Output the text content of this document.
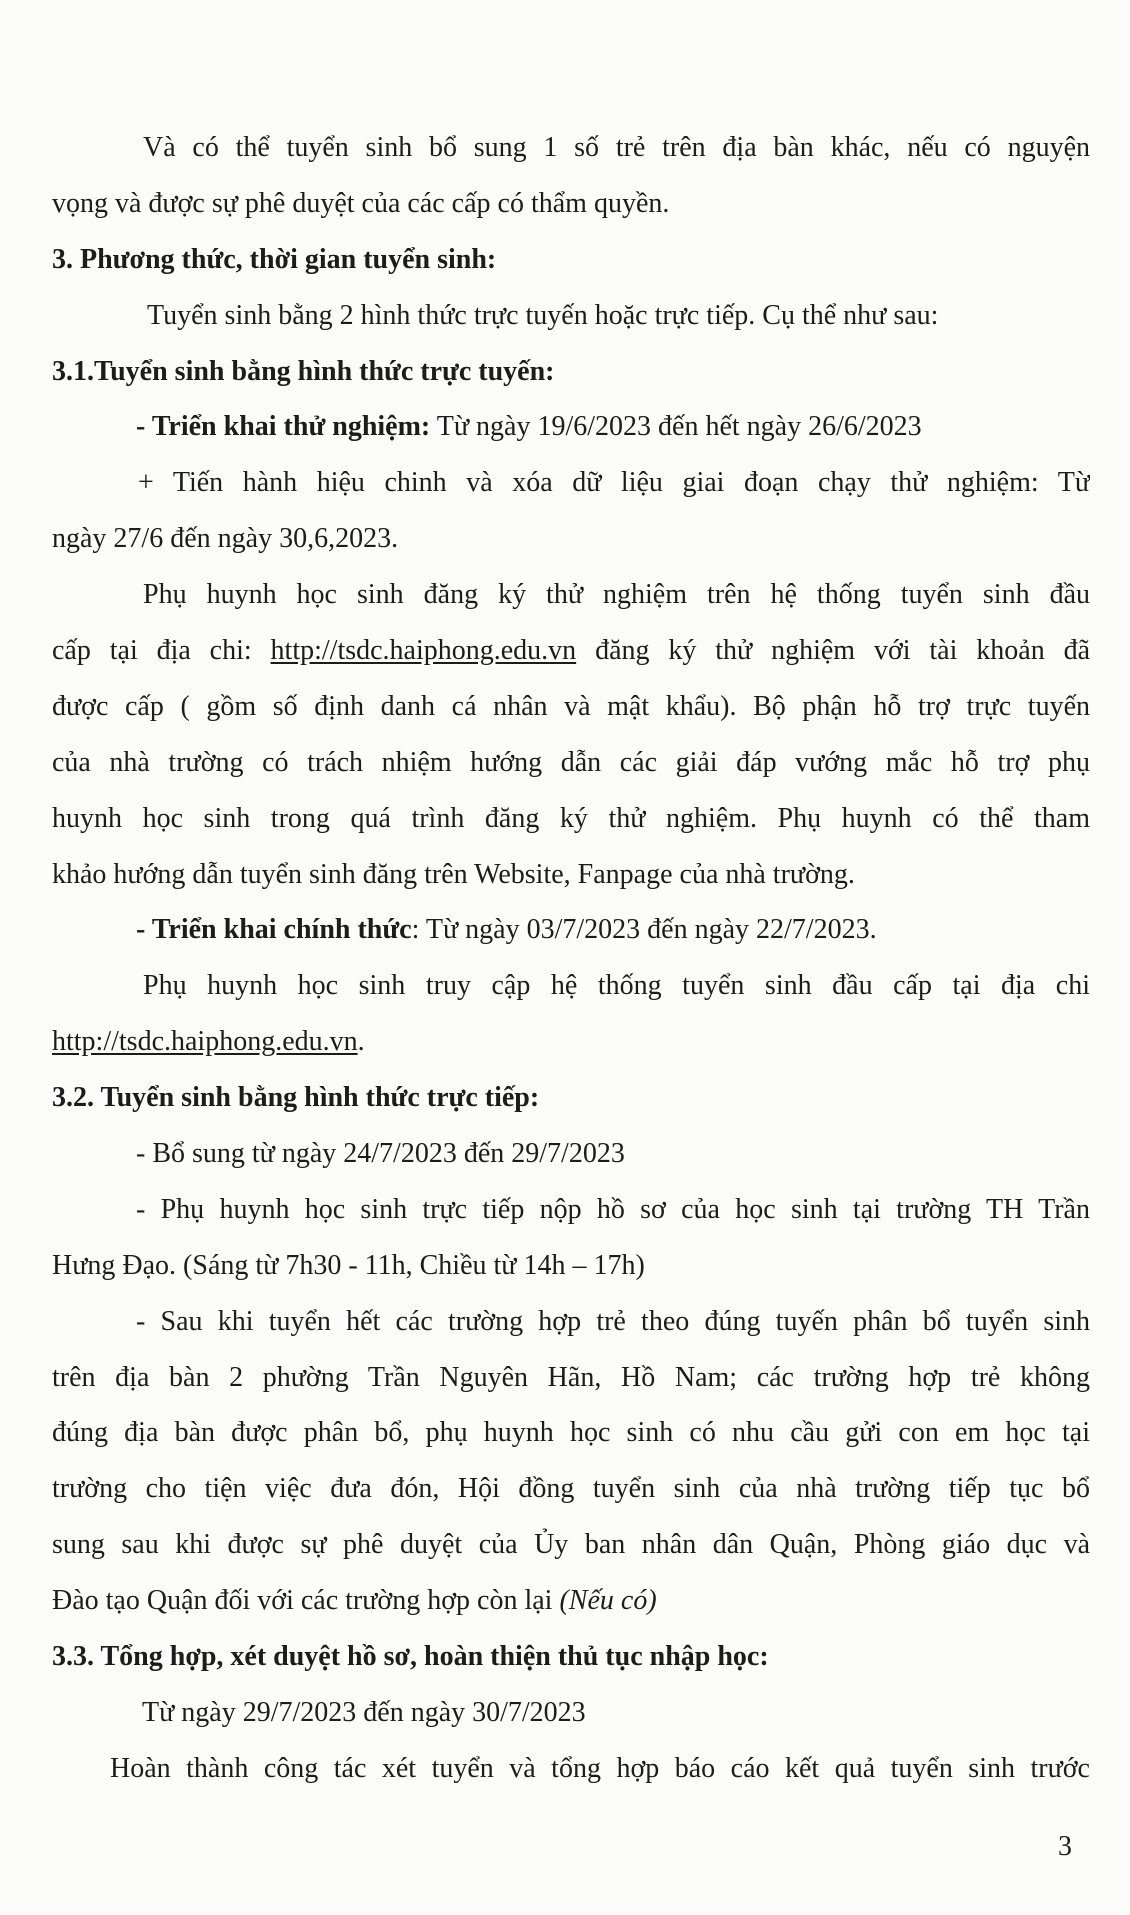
Và có thể tuyển sinh bổ sung 1 số trẻ trên địa bàn khác, nếu có nguyện
vọng và được sự phê duyệt của các cấp có thẩm quyền.
3. Phương thức, thời gian tuyển sinh:
Tuyển sinh bằng 2 hình thức trực tuyến hoặc trực tiếp. Cụ thể như sau:
3.1.Tuyển sinh bằng hình thức trực tuyến:
- Triển khai thử nghiệm: Từ ngày 19/6/2023 đến hết ngày 26/6/2023
+ Tiến hành hiệu chinh và xóa dữ liệu giai đoạn chạy thử nghiệm: Từ
ngày 27/6 đến ngày 30,6,2023.
Phụ huynh học sinh đăng ký thử nghiệm trên hệ thống tuyển sinh đầu
cấp tại địa chi: http://tsdc.haiphong.edu.vn đăng ký thử nghiệm với tài khoản đã
được cấp ( gồm số định danh cá nhân và mật khẩu). Bộ phận hỗ trợ trực tuyến
của nhà trường có trách nhiệm hướng dẫn các giải đáp vướng mắc hỗ trợ phụ
huynh học sinh trong quá trình đăng ký thử nghiệm. Phụ huynh có thể tham
khảo hướng dẫn tuyển sinh đăng trên Website, Fanpage của nhà trường.
- Triển khai chính thức: Từ ngày 03/7/2023 đến ngày 22/7/2023.
Phụ huynh học sinh truy cập hệ thống tuyển sinh đầu cấp tại địa chi
http://tsdc.haiphong.edu.vn.
3.2. Tuyển sinh bằng hình thức trực tiếp:
- Bổ sung từ ngày 24/7/2023 đến 29/7/2023
- Phụ huynh học sinh trực tiếp nộp hồ sơ của học sinh tại trường TH Trần
Hưng Đạo. (Sáng từ 7h30 - 11h, Chiều từ 14h – 17h)
- Sau khi tuyển hết các trường hợp trẻ theo đúng tuyến phân bổ tuyển sinh
trên địa bàn 2 phường Trần Nguyên Hãn, Hồ Nam; các trường hợp trẻ không
đúng địa bàn được phân bổ, phụ huynh học sinh có nhu cầu gửi con em học tại
trường cho tiện việc đưa đón, Hội đồng tuyển sinh của nhà trường tiếp tục bổ
sung sau khi được sự phê duyệt của Ủy ban nhân dân Quận, Phòng giáo dục và
Đào tạo Quận đối với các trường hợp còn lại (Nếu có)
3.3. Tổng hợp, xét duyệt hồ sơ, hoàn thiện thủ tục nhập học:
Từ ngày 29/7/2023 đến ngày 30/7/2023
Hoàn thành công tác xét tuyển và tổng hợp báo cáo kết quả tuyển sinh trước
3
